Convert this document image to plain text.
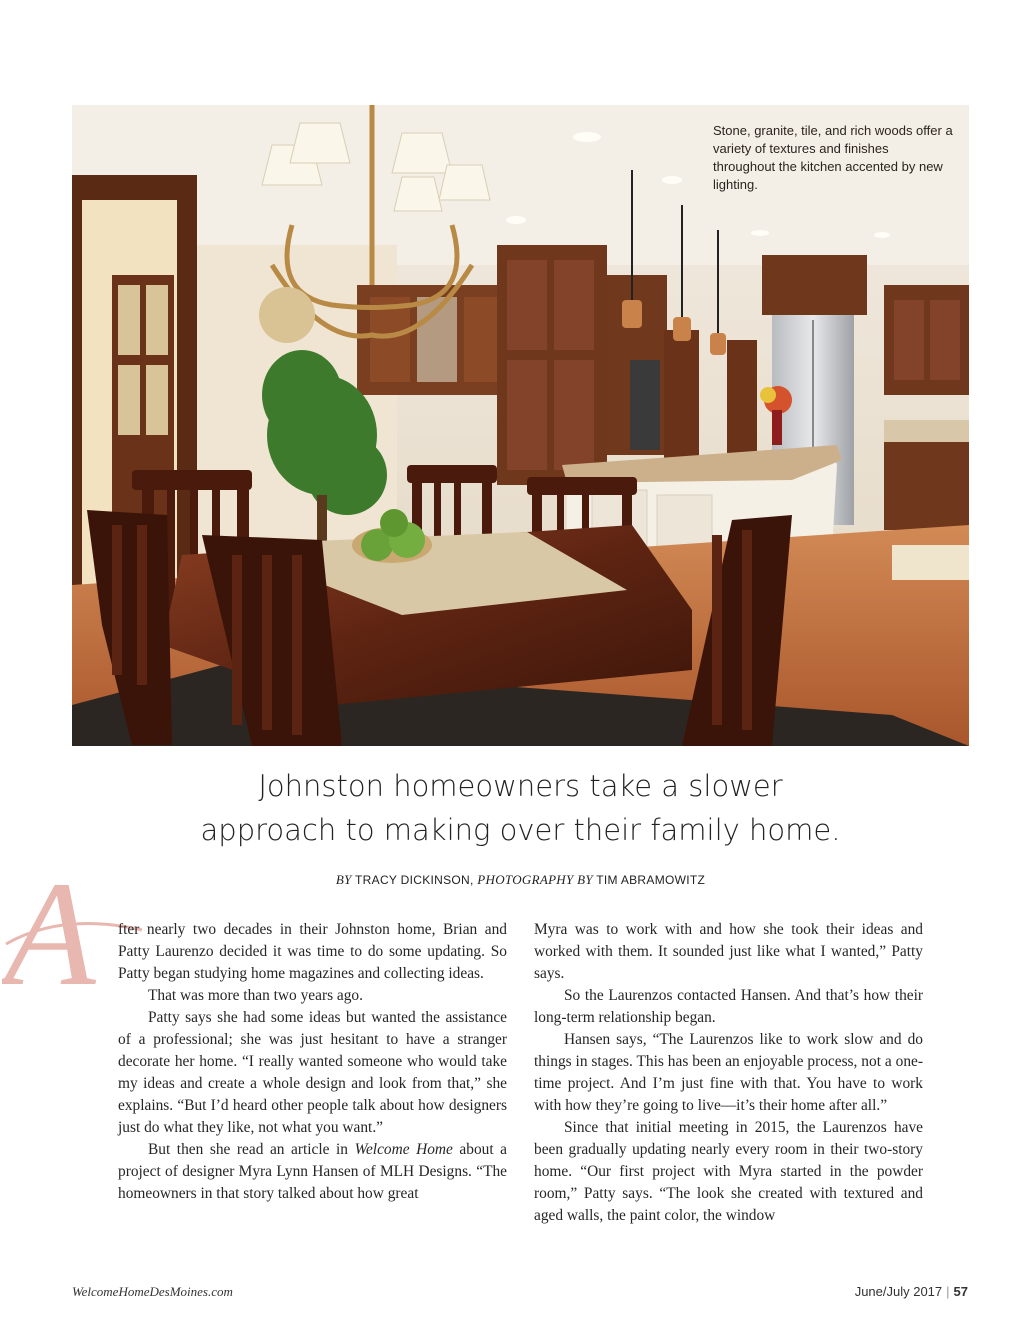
Stone, granite, tile, and rich woods offer a variety of textures and finishes throughout the kitchen accented by new lighting.
Johnston homeowners take a slower
approach to making over their family home.
BY TRACY DICKINSON, PHOTOGRAPHY BY TIM ABRAMOWITZ
A fter nearly two decades in their Johnston home, Brian and Patty Laurenzo decided it was time to do some updating. So Patty began studying home magazines and collecting ideas.

That was more than two years ago.

Patty says she had some ideas but wanted the assistance of a professional; she was just hesitant to have a stranger decorate her home. “I really wanted someone who would take my ideas and create a whole design and look from that,” she explains. “But I’d heard other people talk about how designers just do what they like, not what you want.”

But then she read an article in Welcome Home about a project of designer Myra Lynn Hansen of MLH Designs. “The homeowners in that story talked about how great

Myra was to work with and how she took their ideas and worked with them. It sounded just like what I wanted,” Patty says.

So the Laurenzos contacted Hansen. And that’s how their long-term relationship began.

Hansen says, “The Laurenzos like to work slow and do things in stages. This has been an enjoyable process, not a one-time project. And I’m just fine with that. You have to work with how they’re going to live—it’s their home after all.”

Since that initial meeting in 2015, the Laurenzos have been gradually updating nearly every room in their two-story home. “Our first project with Myra started in the powder room,” Patty says. “The look she created with textured and aged walls, the paint color, the window

WelcomeHomeDesMoines.com	June/July 2017 | 57
